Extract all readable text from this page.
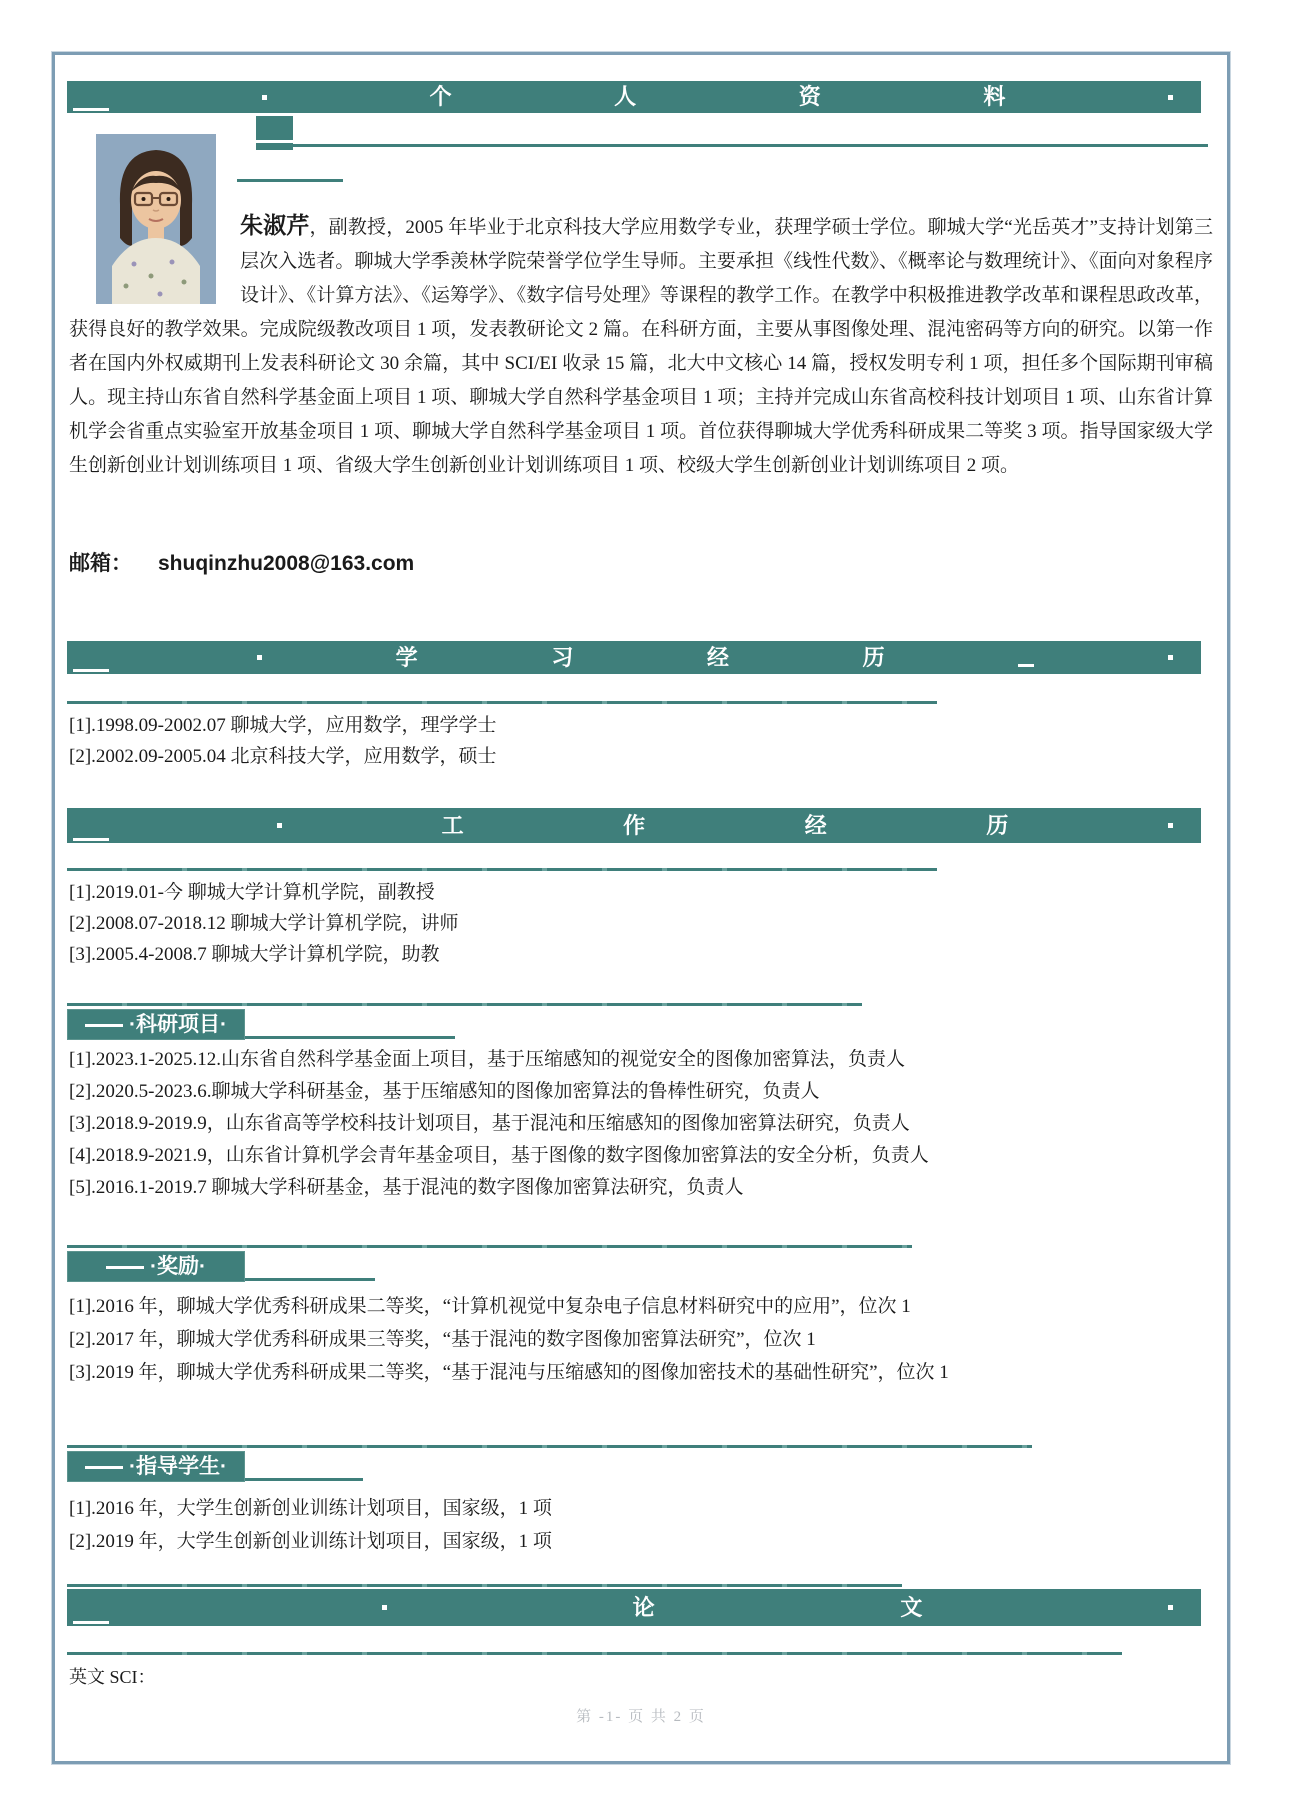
个	人	资	料
朱淑芹，副教授，2005 年毕业于北京科技大学应用数学专业，获理学硕士学位。聊城大学“光岳英才”支持计划第三层次入选者。聊城大学季羡林学院荣誉学位学生导师。主要承担《线性代数》、《概率论与数理统计》、《面向对象程序设计》、《计算方法》、《运筹学》、《数字信号处理》等课程的教学工作。在教学中积极推进教学改革和课程思政改革，获得良好的教学效果。完成院级教改项目 1 项，发表教研论文 2 篇。在科研方面，主要从事图像处理、混沌密码等方向的研究。以第一作者在国内外权威期刊上发表科研论文 30 余篇，其中 SCI/EI 收录 15 篇，北大中文核心 14 篇，授权发明专利 1 项，担任多个国际期刊审稿人。现主持山东省自然科学基金面上项目 1 项、聊城大学自然科学基金项目 1 项；主持并完成山东省高校科技计划项目 1 项、山东省计算机学会省重点实验室开放基金项目 1 项、聊城大学自然科学基金项目 1 项。首位获得聊城大学优秀科研成果二等奖 3 项。指导国家级大学生创新创业计划训练项目 1 项、省级大学生创新创业计划训练项目 1 项、校级大学生创新创业计划训练项目 2 项。
邮箱： shuqinzhu2008@163.com
学	习	经	历
[1].1998.09-2002.07 聊城大学，应用数学，理学学士
[2].2002.09-2005.04 北京科技大学，应用数学，硕士
工	作	经	历
[1].2019.01-今 聊城大学计算机学院，副教授
[2].2008.07-2018.12 聊城大学计算机学院，讲师
[3].2005.4-2008.7 聊城大学计算机学院，助教
·科研项目·
[1].2023.1-2025.12.山东省自然科学基金面上项目，基于压缩感知的视觉安全的图像加密算法，负责人
[2].2020.5-2023.6.聊城大学科研基金，基于压缩感知的图像加密算法的鲁棒性研究，负责人
[3].2018.9-2019.9，山东省高等学校科技计划项目，基于混沌和压缩感知的图像加密算法研究，负责人
[4].2018.9-2021.9，山东省计算机学会青年基金项目，基于图像的数字图像加密算法的安全分析，负责人
[5].2016.1-2019.7 聊城大学科研基金，基于混沌的数字图像加密算法研究，负责人
·奖励·
[1].2016 年，聊城大学优秀科研成果二等奖，“计算机视觉中复杂电子信息材料研究中的应用”，位次 1
[2].2017 年，聊城大学优秀科研成果三等奖，“基于混沌的数字图像加密算法研究”，位次 1
[3].2019 年，聊城大学优秀科研成果二等奖，“基于混沌与压缩感知的图像加密技术的基础性研究”，位次 1
·指导学生·
[1].2016 年，大学生创新创业训练计划项目，国家级，1 项
[2].2019 年，大学生创新创业训练计划项目，国家级，1 项
论	文
英文 SCI：
第 -1- 页 共 2 页
